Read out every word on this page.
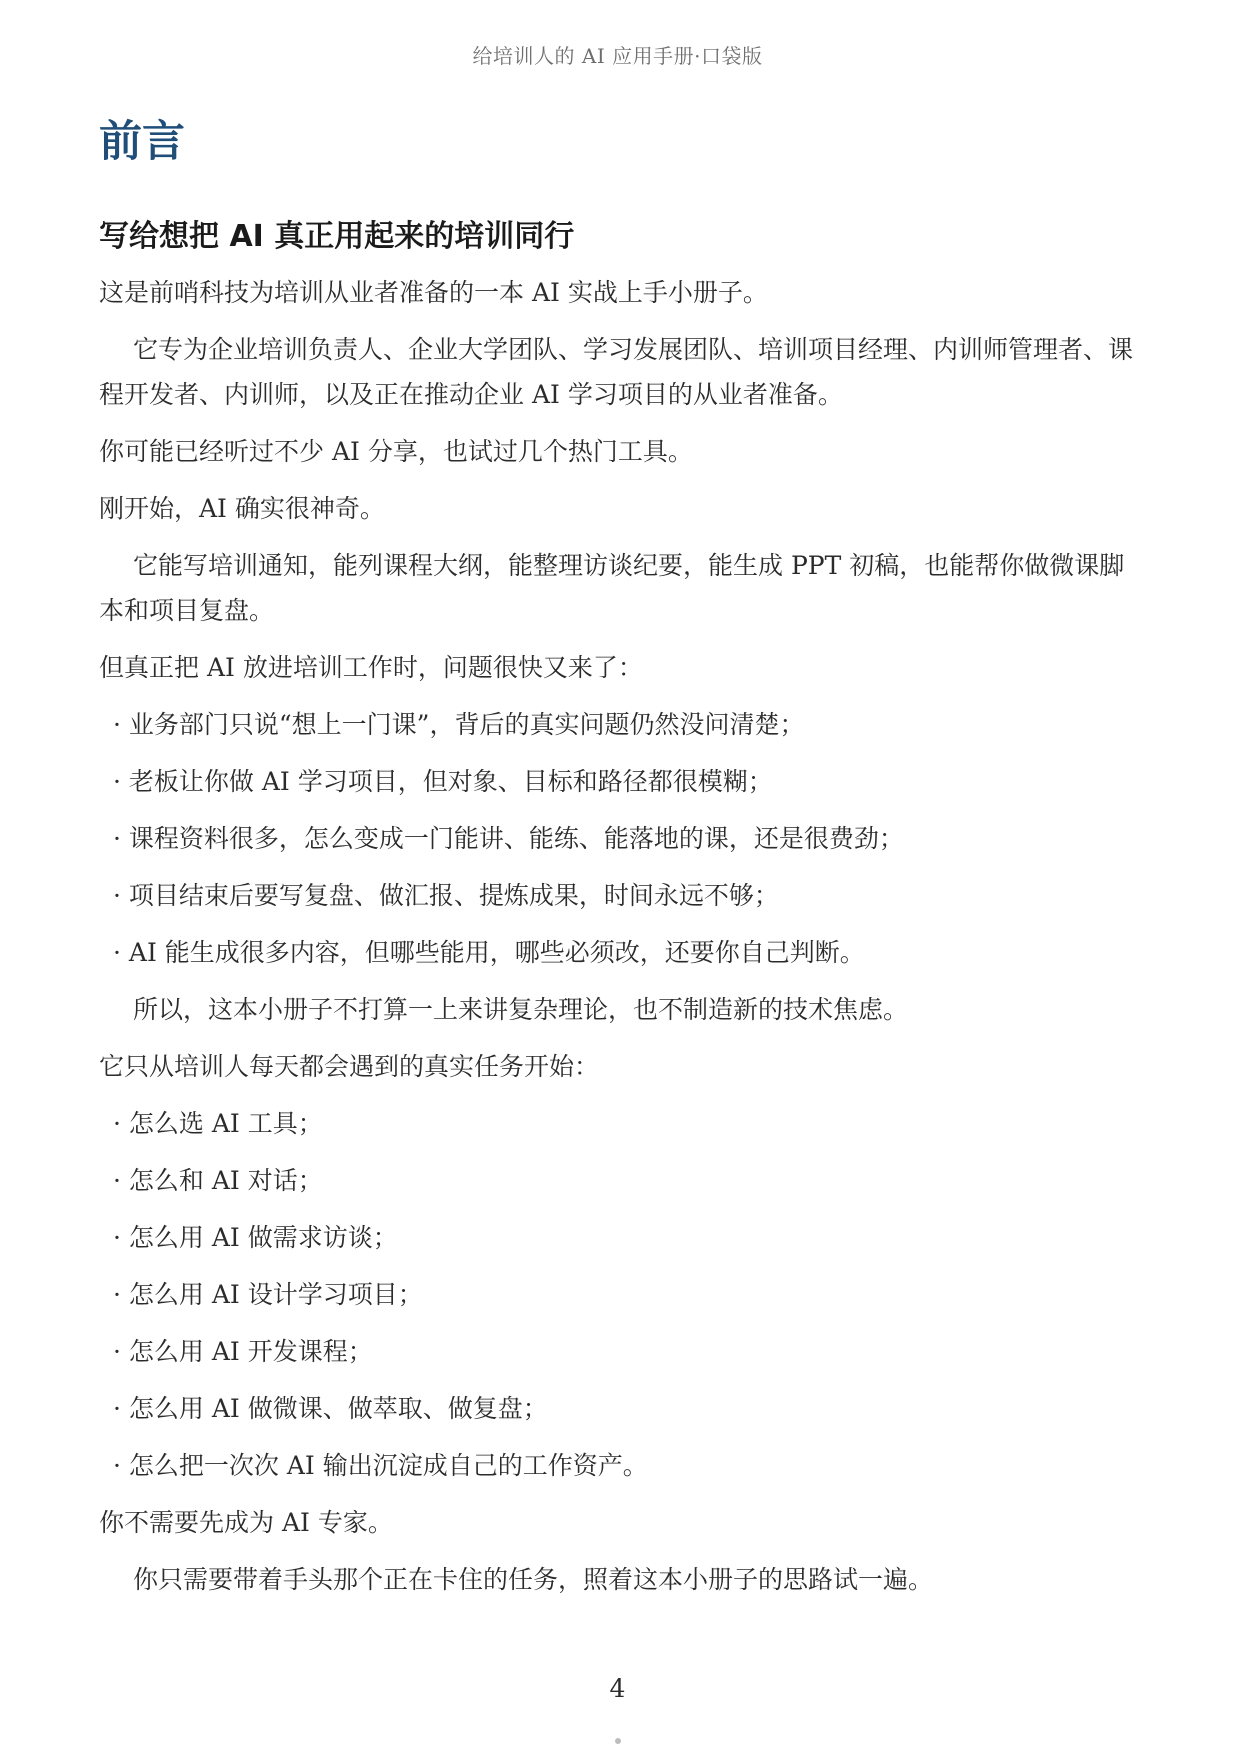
给培训人的 AI 应用手册·口袋版
前言
写给想把 AI 真正用起来的培训同行
这是前哨科技为培训从业者准备的一本 AI 实战上手小册子。
它专为企业培训负责人、企业大学团队、学习发展团队、培训项目经理、内训师管理者、课程开发者、内训师，以及正在推动企业 AI 学习项目的从业者准备。
你可能已经听过不少 AI 分享，也试过几个热门工具。
刚开始，AI 确实很神奇。
它能写培训通知，能列课程大纲，能整理访谈纪要，能生成 PPT 初稿，也能帮你做微课脚本和项目复盘。
但真正把 AI 放进培训工作时，问题很快又来了：
· 业务部门只说“想上一门课”，背后的真实问题仍然没问清楚；
· 老板让你做 AI 学习项目，但对象、目标和路径都很模糊；
· 课程资料很多，怎么变成一门能讲、能练、能落地的课，还是很费劲；
· 项目结束后要写复盘、做汇报、提炼成果，时间永远不够；
· AI 能生成很多内容，但哪些能用，哪些必须改，还要你自己判断。
所以，这本小册子不打算一上来讲复杂理论，也不制造新的技术焦虑。
它只从培训人每天都会遇到的真实任务开始：
· 怎么选 AI 工具；
· 怎么和 AI 对话；
· 怎么用 AI 做需求访谈；
· 怎么用 AI 设计学习项目；
· 怎么用 AI 开发课程；
· 怎么用 AI 做微课、做萃取、做复盘；
· 怎么把一次次 AI 输出沉淀成自己的工作资产。
你不需要先成为 AI 专家。
你只需要带着手头那个正在卡住的任务，照着这本小册子的思路试一遍。
4
